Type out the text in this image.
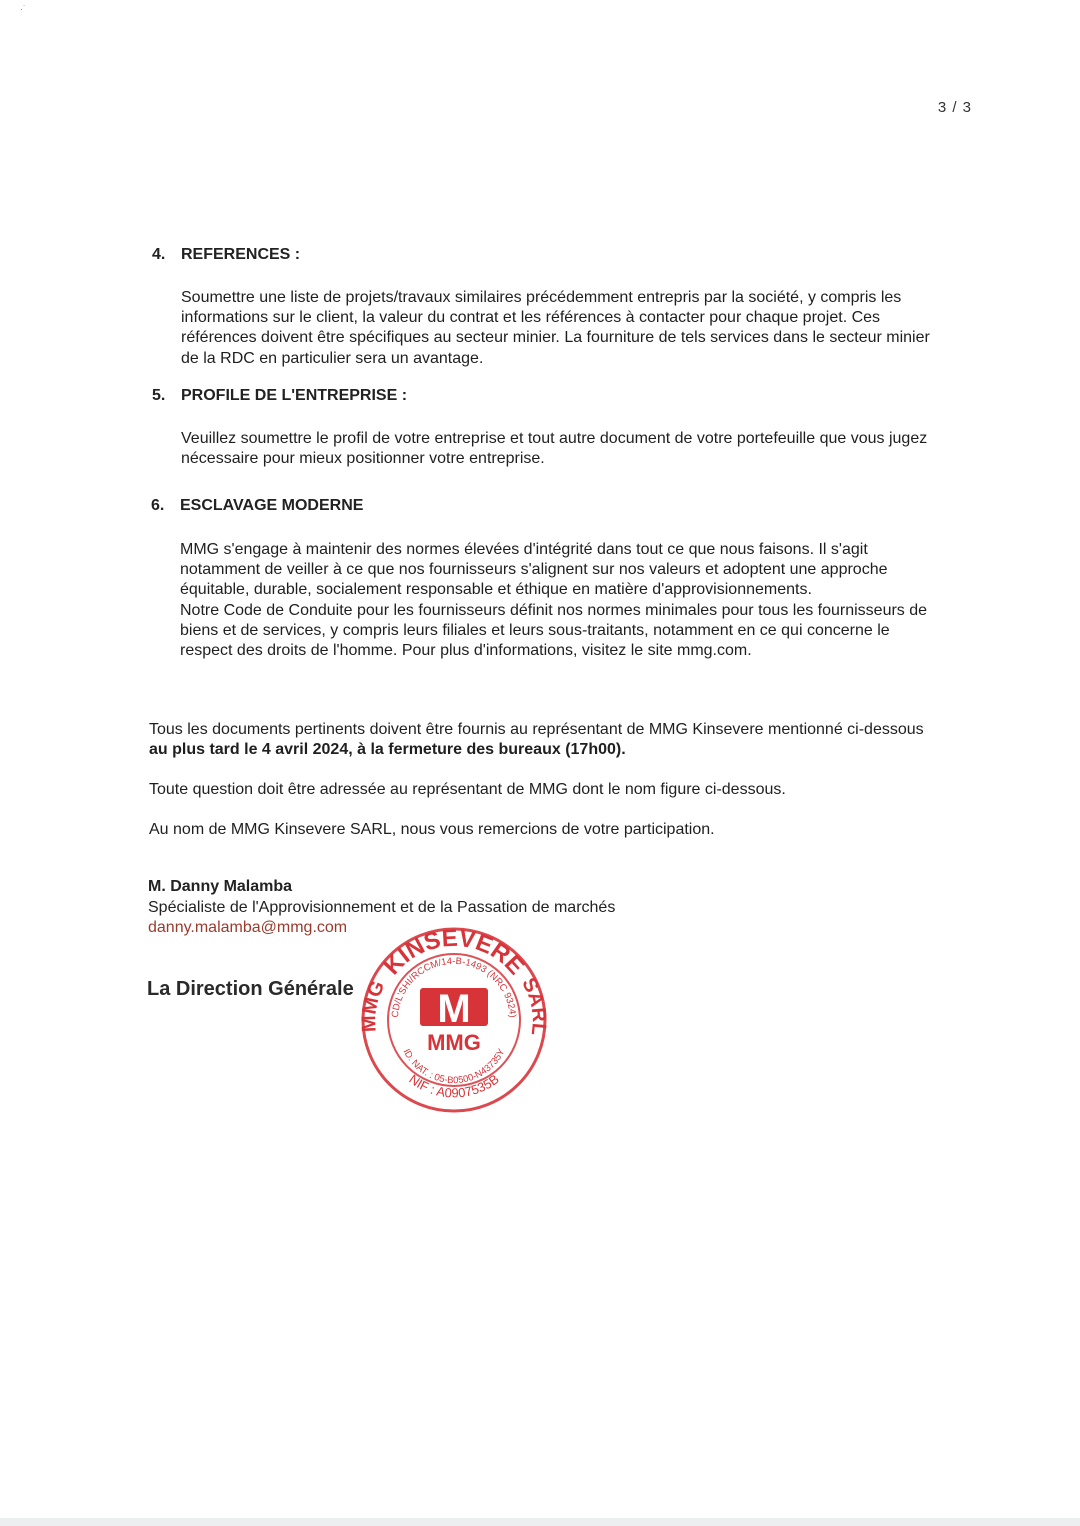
·˙
3 / 3
4. REFERENCES :

Soumettre une liste de projets/travaux similaires précédemment entrepris par la société, y compris les informations sur le client, la valeur du contrat et les références à contacter pour chaque projet. Ces références doivent être spécifiques au secteur minier. La fourniture de tels services dans le secteur minier de la RDC en particulier sera un avantage.

5. PROFILE DE L'ENTREPRISE :

Veuillez soumettre le profil de votre entreprise et tout autre document de votre portefeuille que vous jugez nécessaire pour mieux positionner votre entreprise.

6. ESCLAVAGE MODERNE

MMG s'engage à maintenir des normes élevées d'intégrité dans tout ce que nous faisons. Il s'agit notamment de veiller à ce que nos fournisseurs s'alignent sur nos valeurs et adoptent une approche équitable, durable, socialement responsable et éthique en matière d'approvisionnements.

Notre Code de Conduite pour les fournisseurs définit nos normes minimales pour tous les fournisseurs de biens et de services, y compris leurs filiales et leurs sous-traitants, notamment en ce qui concerne le respect des droits de l'homme. Pour plus d'informations, visitez le site mmg.com.

Tous les documents pertinents doivent être fournis au représentant de MMG Kinsevere mentionné ci-dessous au plus tard le 4 avril 2024, à la fermeture des bureaux (17h00).
Toute question doit être adressée au représentant de MMG dont le nom figure ci-dessous.
Au nom de MMG Kinsevere SARL, nous vous remercions de votre participation.
M. Danny Malamba
Spécialiste de l'Approvisionnement et de la Passation de marchés
danny.malamba@mmg.com
La Direction Générale
KINSEVERE
MMG	SARL
CD/L'SHI/RCCM/14-B-1493 (NRC 9324)
ID. NAT. : 05-B0500-N43735Y
NIF : A0907535B
M
MMG
